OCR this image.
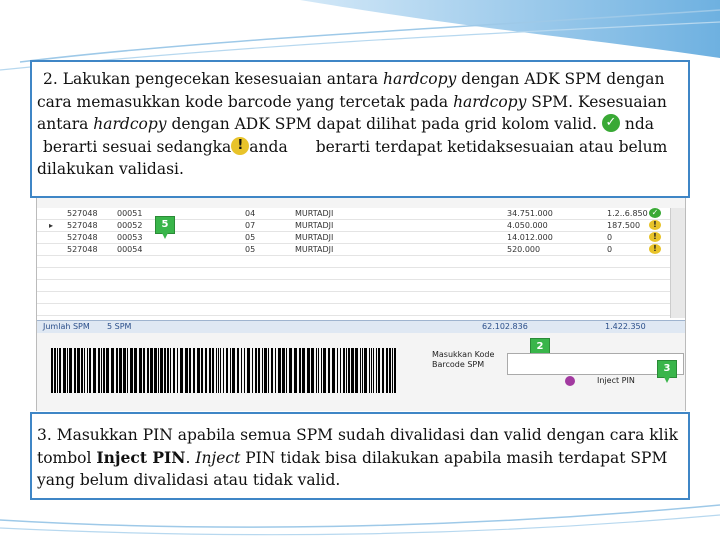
2. Lakukan pengecekan kesesuaian antara hardcopy dengan ADK SPM dengan
cara memasukkan kode barcode yang tercetak pada hardcopy SPM. Kesesuaian
antara hardcopy dengan ADK SPM dapat dilihat pada grid kolom valid. ✓ nda
berarti sesuai sedangka ! anda berarti terdapat ketidaksesuaian atau belum
dilakukan validasi.
527048 00051	04	MURTADJI	34.751.000	1.2..6.850 ✓
527048 00052	07	MURTADJI	4.050.000	187.500	!
▸
527048 00053	05	MURTADJI	14.012.000	0	!
527048 00054	05	MURTADJI	520.000	0	!
5
Jumlah SPM 5 SPM	62.102.836	1.422.350
Masukkan Kode
Barcode SPM
2
3
Inject PIN
3. Masukkan PIN apabila semua SPM sudah divalidasi dan valid dengan cara klik
tombol Inject PIN. Inject PIN tidak bisa dilakukan apabila masih terdapat SPM
yang belum divalidasi atau tidak valid.
